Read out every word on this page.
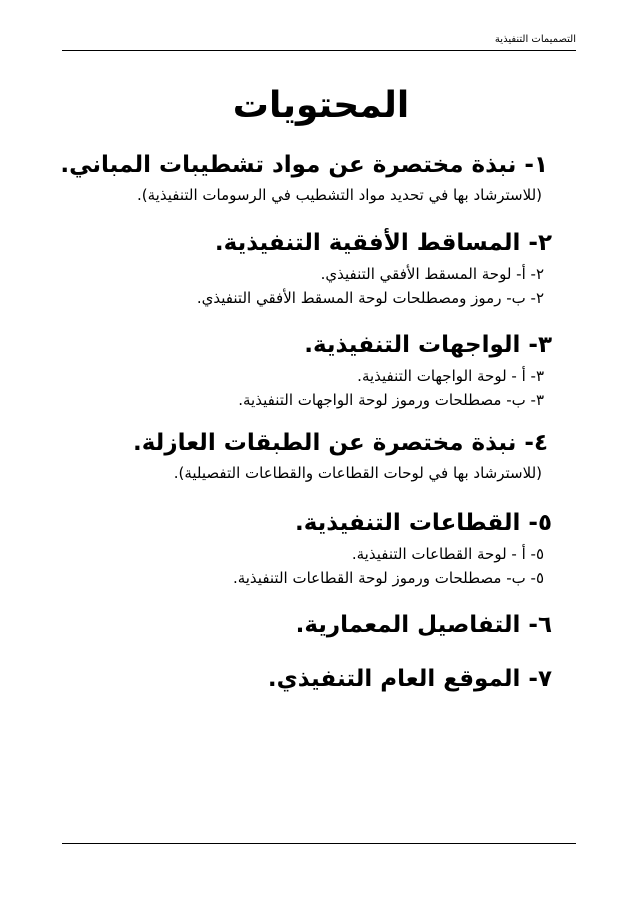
التصميمات التنفيذية
المحتويات
١- نبذة مختصرة عن مواد تشطيبات المباني.
(للاسترشاد بها في تحديد مواد التشطيب في الرسومات التنفيذية).
٢- المساقط الأفقية التنفيذية.
٢- أ- لوحة المسقط الأفقي التنفيذي.
٢- ب- رموز ومصطلحات لوحة المسقط الأفقي التنفيذي.
٣- الواجهات التنفيذية.
٣- أ - لوحة الواجهات التنفيذية.
٣- ب- مصطلحات ورموز لوحة الواجهات التنفيذية.
٤- نبذة مختصرة عن الطبقات العازلة.
(للاسترشاد بها في لوحات القطاعات والقطاعات التفصيلية).
٥- القطاعات التنفيذية.
٥- أ - لوحة القطاعات التنفيذية.
٥- ب- مصطلحات ورموز لوحة القطاعات التنفيذية.
٦- التفاصيل المعمارية.
٧- الموقع العام التنفيذي.
